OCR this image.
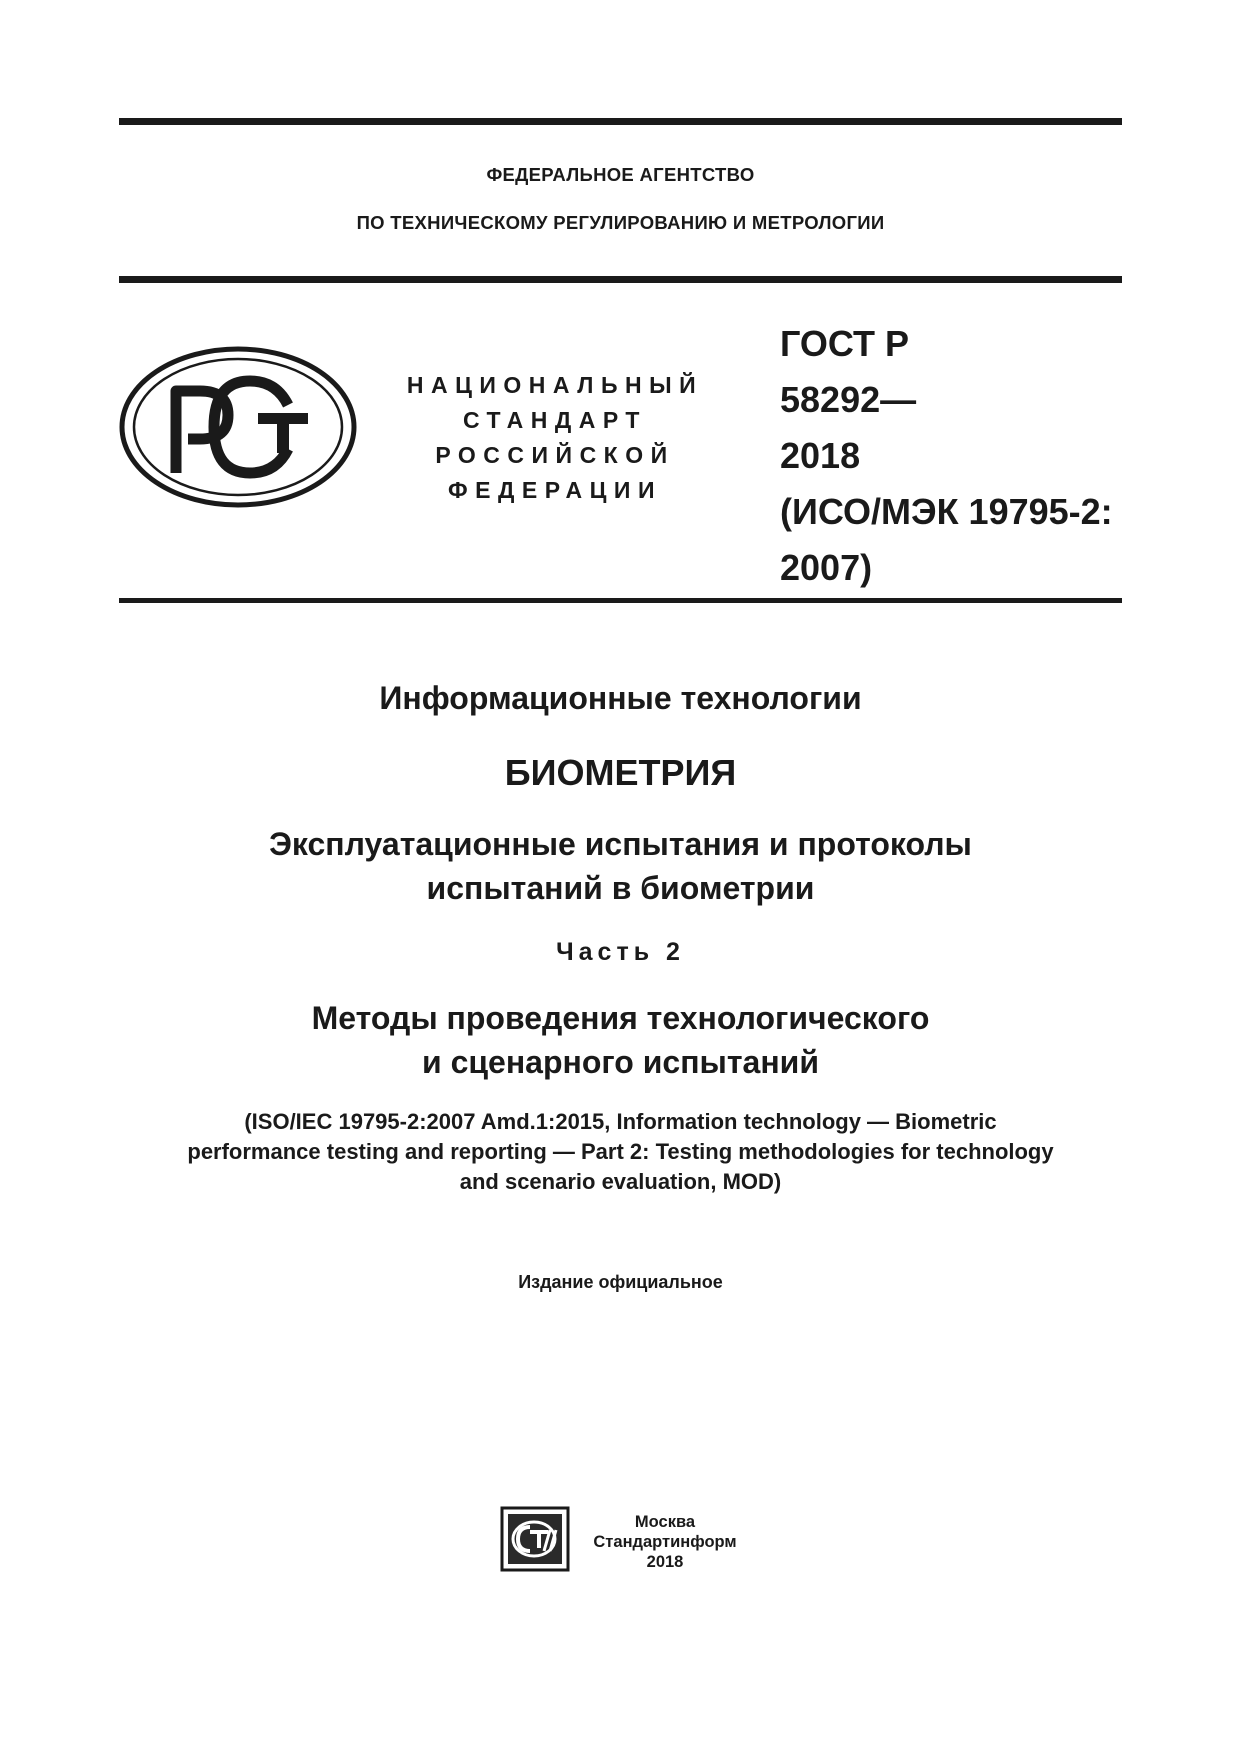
ФЕДЕРАЛЬНОЕ АГЕНТСТВО
ПО ТЕХНИЧЕСКОМУ РЕГУЛИРОВАНИЮ И МЕТРОЛОГИИ
НАЦИОНАЛЬНЫЙ
СТАНДАРТ
РОССИЙСКОЙ
ФЕДЕРАЦИИ
ГОСТ Р
58292—
2018
(ИСО/МЭК 19795-2:
2007)
Информационные технологии
БИОМЕТРИЯ
Эксплуатационные испытания и протоколы
испытаний в биометрии
Часть 2
Методы проведения технологического
и сценарного испытаний
(ISO/IEC 19795-2:2007 Amd.1:2015, Information technology — Biometric
performance testing and reporting — Part 2: Testing methodologies for technology
and scenario evaluation, MOD)
Издание официальное
Москва
Стандартинформ
2018
